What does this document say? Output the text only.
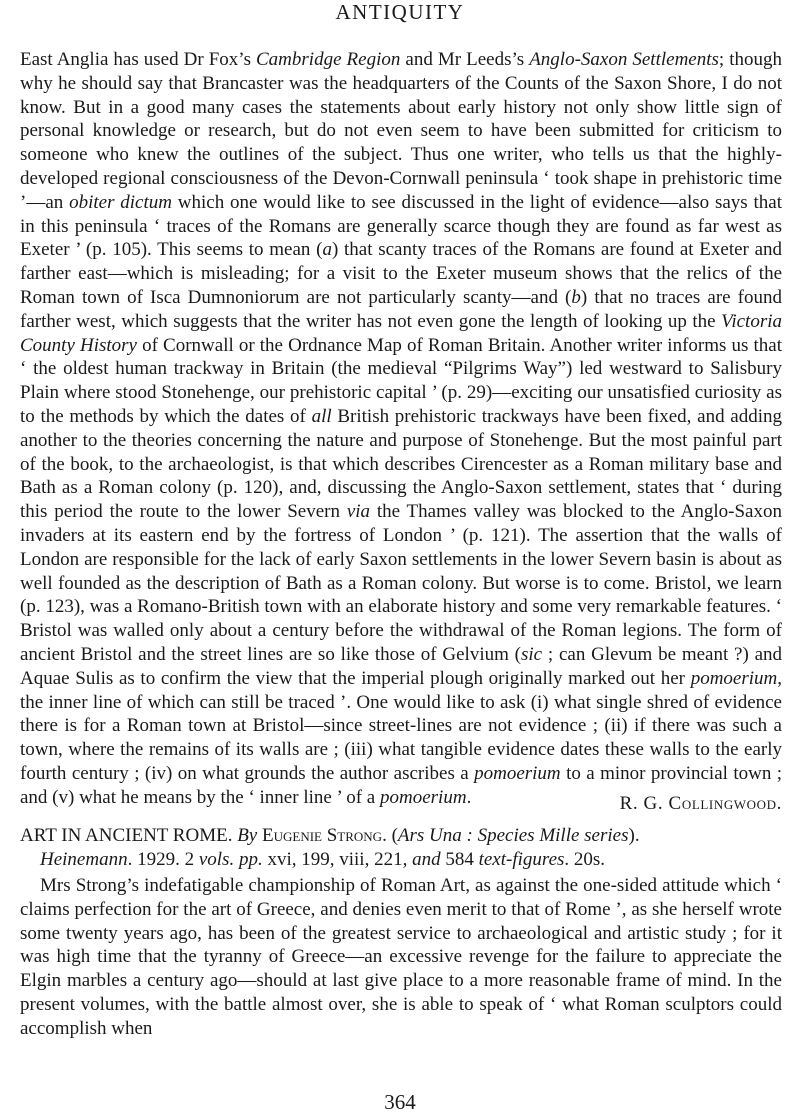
ANTIQUITY

East Anglia has used Dr Fox’s Cambridge Region and Mr Leeds’s Anglo-Saxon Settlements; though why he should say that Brancaster was the headquarters of the Counts of the Saxon Shore, I do not know. But in a good many cases the statements about early history not only show little sign of personal knowledge or research, but do not even seem to have been submitted for criticism to someone who knew the outlines of the subject. Thus one writer, who tells us that the highly-developed regional consciousness of the Devon-Cornwall peninsula ‘ took shape in prehistoric time ’—an obiter dictum which one would like to see discussed in the light of evidence—also says that in this peninsula ‘ traces of the Romans are generally scarce though they are found as far west as Exeter ’ (p. 105). This seems to mean (a) that scanty traces of the Romans are found at Exeter and farther east—which is misleading; for a visit to the Exeter museum shows that the relics of the Roman town of Isca Dumnoniorum are not particularly scanty—and (b) that no traces are found farther west, which suggests that the writer has not even gone the length of looking up the Victoria County History of Cornwall or the Ordnance Map of Roman Britain. Another writer informs us that ‘ the oldest human trackway in Britain (the medieval “Pilgrims Way”) led westward to Salisbury Plain where stood Stonehenge, our prehistoric capital ’ (p. 29)—exciting our unsatisfied curiosity as to the methods by which the dates of all British prehistoric trackways have been fixed, and adding another to the theories concerning the nature and purpose of Stonehenge. But the most painful part of the book, to the archaeologist, is that which describes Cirencester as a Roman military base and Bath as a Roman colony (p. 120), and, discussing the Anglo-Saxon settlement, states that ‘ during this period the route to the lower Severn via the Thames valley was blocked to the Anglo-Saxon invaders at its eastern end by the fortress of London ’ (p. 121). The assertion that the walls of London are responsible for the lack of early Saxon settlements in the lower Severn basin is about as well founded as the description of Bath as a Roman colony. But worse is to come. Bristol, we learn (p. 123), was a Romano-British town with an elaborate history and some very remarkable features. ‘ Bristol was walled only about a century before the withdrawal of the Roman legions. The form of ancient Bristol and the street lines are so like those of Gelvium (sic ; can Glevum be meant ?) and Aquae Sulis as to confirm the view that the imperial plough originally marked out her pomoerium, the inner line of which can still be traced ’. One would like to ask (i) what single shred of evidence there is for a Roman town at Bristol—since street-lines are not evidence ; (ii) if there was such a town, where the remains of its walls are ; (iii) what tangible evidence dates these walls to the early fourth century ; (iv) on what grounds the author ascribes a pomoerium to a minor provincial town ; and (v) what he means by the ‘ inner line ’ of a pomoerium.	R. G. Collingwood.
ART IN ANCIENT ROME. By Eugenie Strong. (Ars Una : Species Mille series).
Heinemann. 1929. 2 vols. pp. xvi, 199, viii, 221, and 584 text-figures. 20s.

Mrs Strong’s indefatigable championship of Roman Art, as against the one-sided attitude which ‘ claims perfection for the art of Greece, and denies even merit to that of Rome ’, as she herself wrote some twenty years ago, has been of the greatest service to archaeological and artistic study ; for it was high time that the tyranny of Greece—an excessive revenge for the failure to appreciate the Elgin marbles a century ago—should at last give place to a more reasonable frame of mind. In the present volumes, with the battle almost over, she is able to speak of ‘ what Roman sculptors could accomplish when

364
